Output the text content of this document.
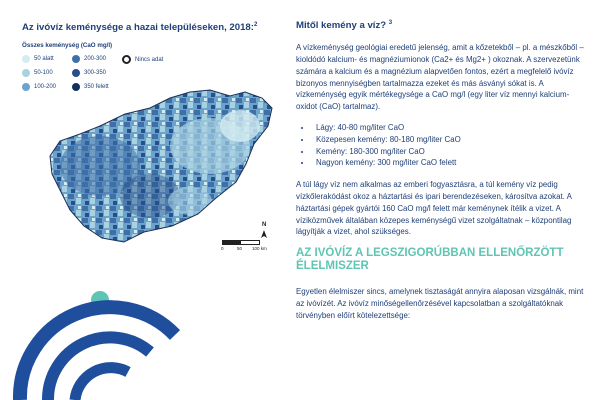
Az ivóvíz keménysége a hazai településeken, 2018:$^2$
Összes keménység (CaO mg/l)
50 alatt	200-300	Nincs adat
50-100	300-350
100-200	350 felett
N
0	50 100 km
Mitől kemény a víz? $^3$

A vízkeménység geológiai eredetű jelenség, amit a kőzetekből – pl. a mészkőből – kioldódó kalcium- és magnéziumionok (Ca2+ és Mg2+ ) okoznak. A szervezetünk számára a kalcium és a magnézium alapvetően fontos, ezért a megfelelő ivóvíz bizonyos mennyiségben tartalmazza ezeket és más ásványi sókat is. A vízkeménység egyik mértékegysége a CaO mg/l (egy liter víz mennyi kalcium-oxidot (CaO) tartalmaz).

• Lágy: 40-80 mg/liter CaO
• Közepesen kemény: 80-180 mg/liter CaO
• Kemény: 180-300 mg/liter CaO
• Nagyon kemény: 300 mg/liter CaO felett

A túl lágy víz nem alkalmas az emberi fogyasztásra, a túl kemény víz pedig vízkőlerakódást okoz a háztartási és ipari berendezéseken, károsítva azokat. A háztartási gépek gyártói 160 CaO mg/l felett már keménynek ítélik a vizet. A víziközművek általában közepes keménységű vizet szolgáltatnak – központilag lágyítják a vizet, ahol szükséges.

AZ IVÓVÍZ A LEGSZIGORÚBBAN ELLENŐRZÖTT ÉLELMISZER

Egyetlen élelmiszer sincs, amelynek tisztaságát annyira alaposan vizsgálnák, mint az ivóvízét. Az ivóvíz minőségellenőrzésével kapcsolatban a szolgáltatóknak törvényben előírt kötelezettsége:
